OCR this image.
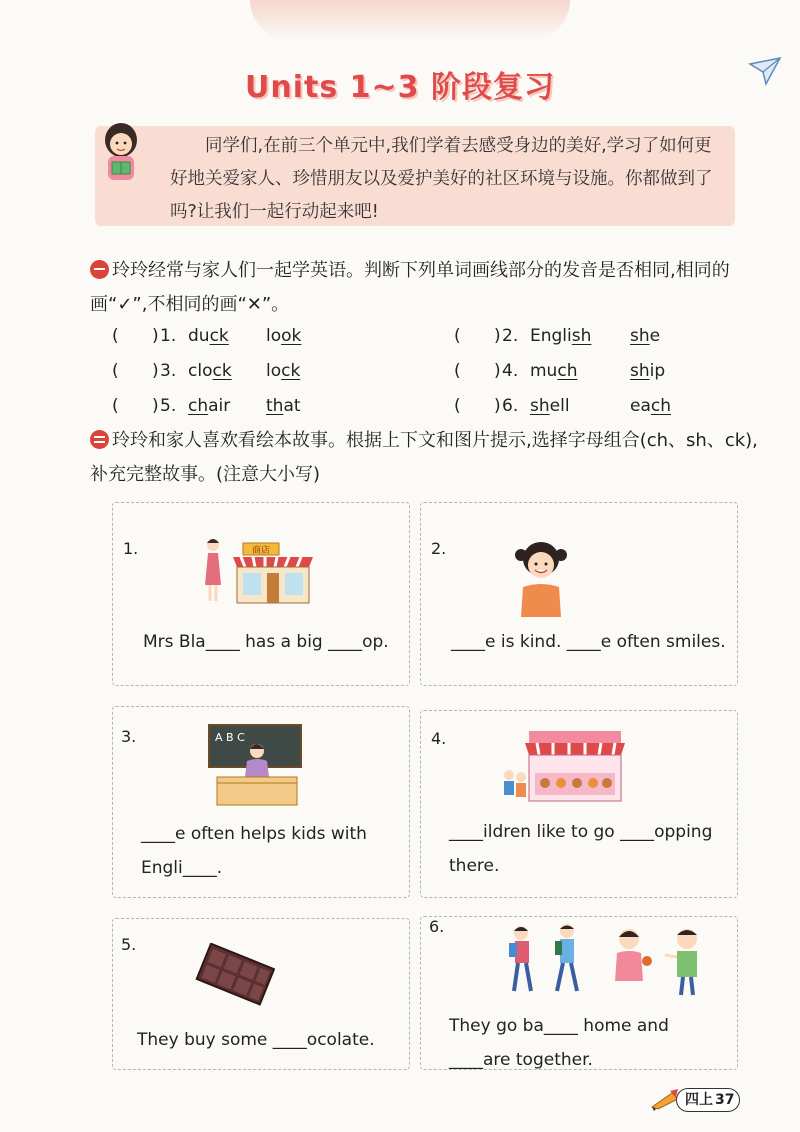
Units 1~3 阶段复习
同学们,在前三个单元中,我们学着去感受身边的美好,学习了如何更好地关爱家人、珍惜朋友以及爱护美好的社区环境与设施。你都做到了吗?让我们一起行动起来吧!
玲玲经常与家人们一起学英语。判断下列单词画线部分的发音是否相同,相同的画“✓”,不相同的画“✕”。
( ) 1. duck look	( ) 2. English she
( ) 3. clock lock	( ) 4. much	ship
( ) 5. chair that	( ) 6. shell	each
玲玲和家人喜欢看绘本故事。根据上下文和图片提示,选择字母组合(ch、sh、ck),补充完整故事。(注意大小写)
1.	商店
Mrs Bla____ has a big ____op.
2.
____e is kind. ____e often smiles.
3.	A B C
____e often helps kids with
Engli____.
4.
____ildren like to go ____opping
there.
5.
They buy some ____ocolate.
6.
They go ba____ home and
____are together.
四上 37
